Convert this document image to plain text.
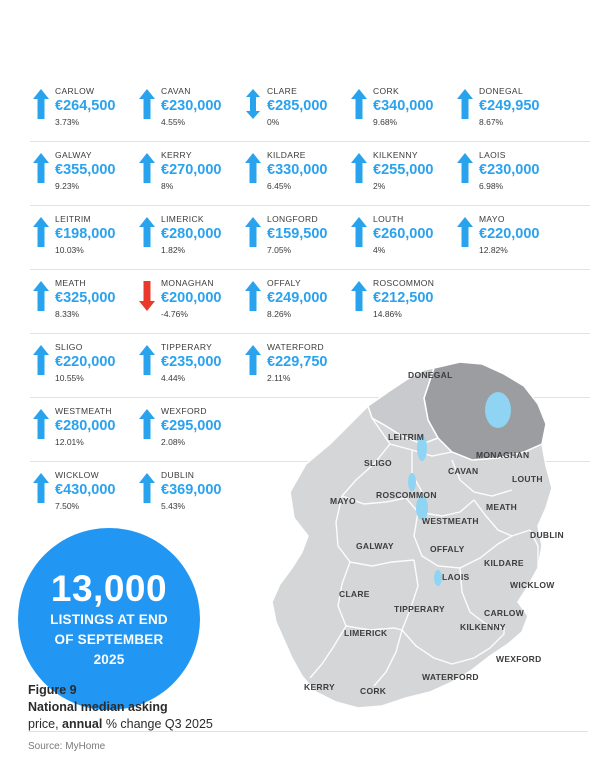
CARLOW
€264,500
3.73%
CAVAN
€230,000
4.55%
CLARE
€285,000
0%
CORK
€340,000
9.68%
DONEGAL
€249,950
8.67%
GALWAY
€355,000
9.23%
KERRY
€270,000
8%
KILDARE
€330,000
6.45%
KILKENNY
€255,000
2%
LAOIS
€230,000
6.98%
LEITRIM
€198,000
10.03%
LIMERICK
€280,000
1.82%
LONGFORD
€159,500
7.05%
LOUTH
€260,000
4%
MAYO
€220,000
12.82%
MEATH
€325,000
8.33%
MONAGHAN
€200,000
-4.76%
OFFALY
€249,000
8.26%
ROSCOMMON
€212,500
14.86%
SLIGO
€220,000
10.55%
TIPPERARY
€235,000
4.44%
WATERFORD
€229,750
2.11%
WESTMEATH
€280,000
12.01%
WEXFORD
€295,000
2.08%
WICKLOW
€430,000
7.50%
DUBLIN
€369,000
5.43%
DONEGAL
LEITRIM
SLIGO
MONAGHAN
CAVAN
LOUTH
MAYO
ROSCOMMON
MEATH
WESTMEATH
DUBLIN
GALWAY	OFFALY
KILDARE
LAOIS
WICKLOW
CLARE
TIPPERARY	CARLOW
KILKENNY
LIMERICK
WEXFORD
WATERFORD
KERRY	CORK
13,000
LISTINGS AT END
OF SEPTEMBER
2025
Figure 9
National median asking
price, annual % change Q3 2025
Source: MyHome
